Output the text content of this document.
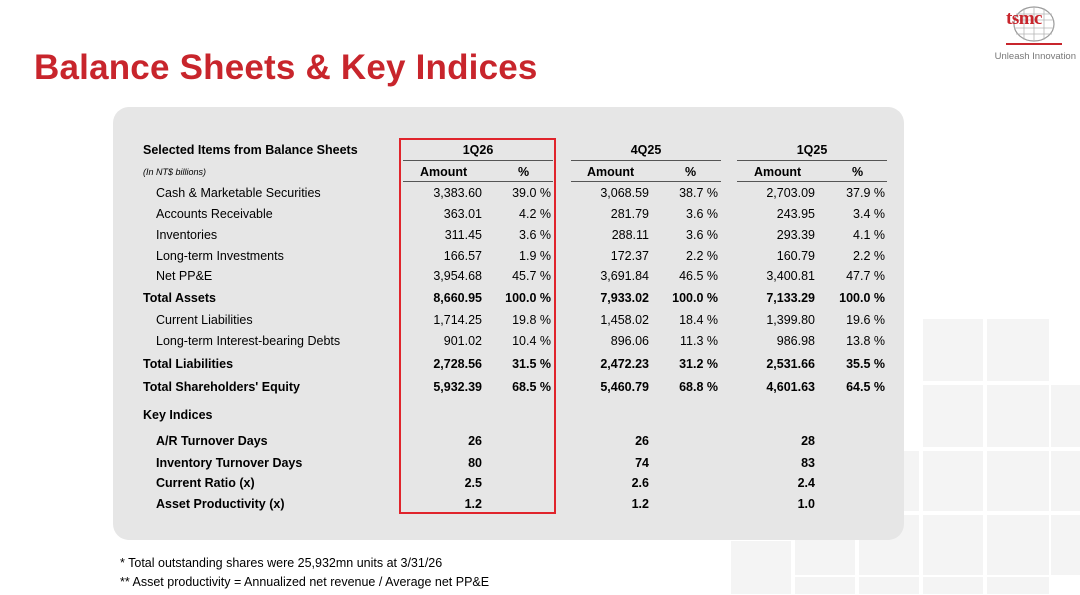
Balance Sheets & Key Indices
tsmc
Unleash Innovation
Selected Items from Balance Sheets
(In NT$ billions)
1Q26
Amount	%
4Q25
Amount	%
1Q25
Amount	%
Cash & Marketable Securities	3,383.60	39.0 %	3,068.59	38.7 %	2,703.09	37.9 %
Accounts Receivable	363.01	4.2 %	281.79	3.6 %	243.95	3.4 %
Inventories	311.45	3.6 %	288.11	3.6 %	293.39	4.1 %
Long-term Investments	166.57	1.9 %	172.37	2.2 %	160.79	2.2 %
Net PP&E	3,954.68	45.7 %	3,691.84	46.5 %	3,400.81	47.7 %
Total Assets	8,660.95	100.0 %	7,933.02	100.0 %	7,133.29	100.0 %
Current Liabilities	1,714.25	19.8 %	1,458.02	18.4 %	1,399.80	19.6 %
Long-term Interest-bearing Debts	901.02	10.4 %	896.06	11.3 %	986.98	13.8 %
Total Liabilities	2,728.56	31.5 %	2,472.23	31.2 %	2,531.66	35.5 %
Total Shareholders' Equity	5,932.39	68.5 %	5,460.79	68.8 %	4,601.63	64.5 %
Key Indices
A/R Turnover Days	26	26	28
Inventory Turnover Days	80	74	83
Current Ratio (x)	2.5	2.6	2.4
Asset Productivity (x)	1.2	1.2	1.0
* Total outstanding shares were 25,932mn units at 3/31/26
** Asset productivity = Annualized net revenue / Average net PP&E
